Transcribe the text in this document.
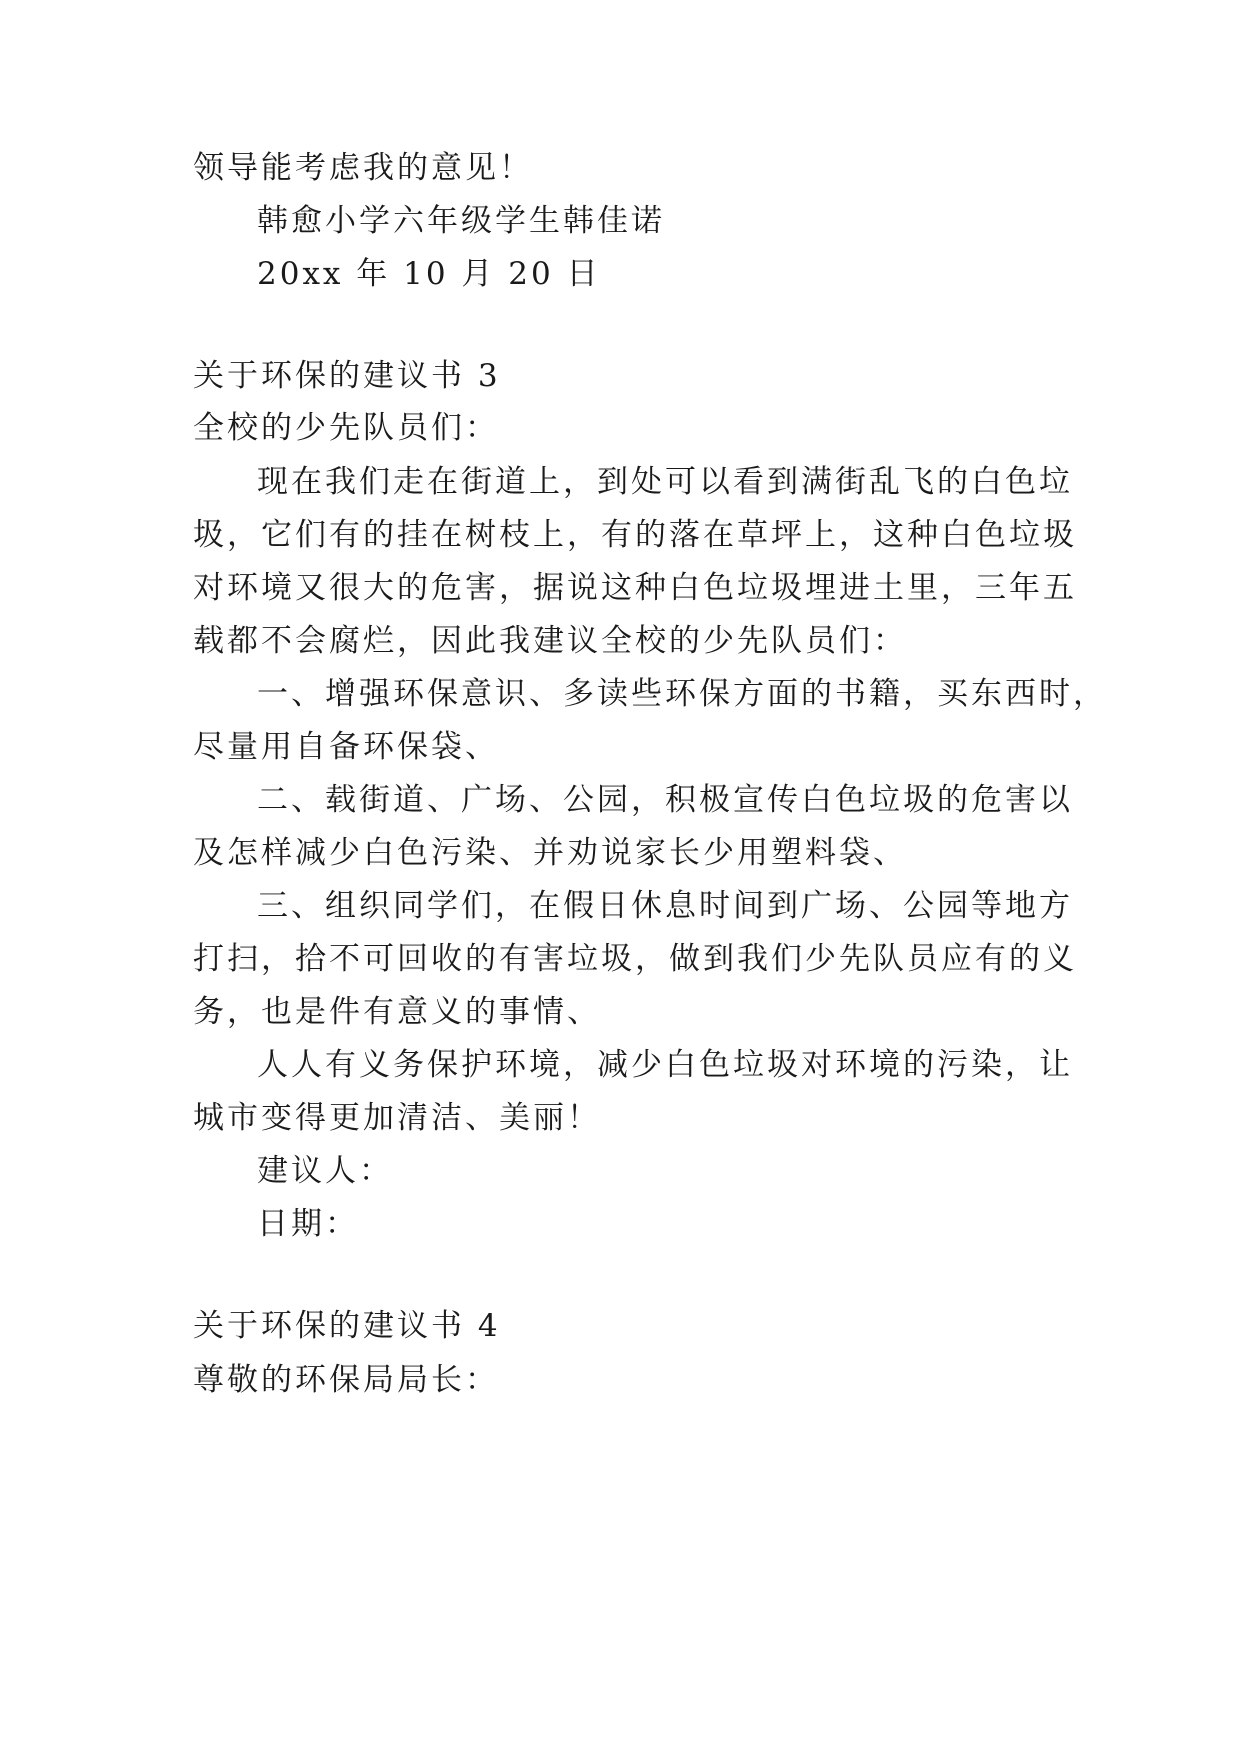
领导能考虑我的意见！
韩愈小学六年级学生韩佳诺
20xx 年 10 月 20 日
关于环保的建议书 3
全校的少先队员们：
现在我们走在街道上，到处可以看到满街乱飞的白色垃
圾，它们有的挂在树枝上，有的落在草坪上，这种白色垃圾
对环境又很大的危害，据说这种白色垃圾埋进土里，三年五
载都不会腐烂，因此我建议全校的少先队员们：
一、增强环保意识、多读些环保方面的书籍，买东西时，
尽量用自备环保袋、
二、载街道、广场、公园，积极宣传白色垃圾的危害以
及怎样减少白色污染、并劝说家长少用塑料袋、
三、组织同学们，在假日休息时间到广场、公园等地方
打扫，拾不可回收的有害垃圾，做到我们少先队员应有的义
务，也是件有意义的事情、
人人有义务保护环境，减少白色垃圾对环境的污染，让
城市变得更加清洁、美丽！
建议人：
日期：
关于环保的建议书 4
尊敬的环保局局长：
